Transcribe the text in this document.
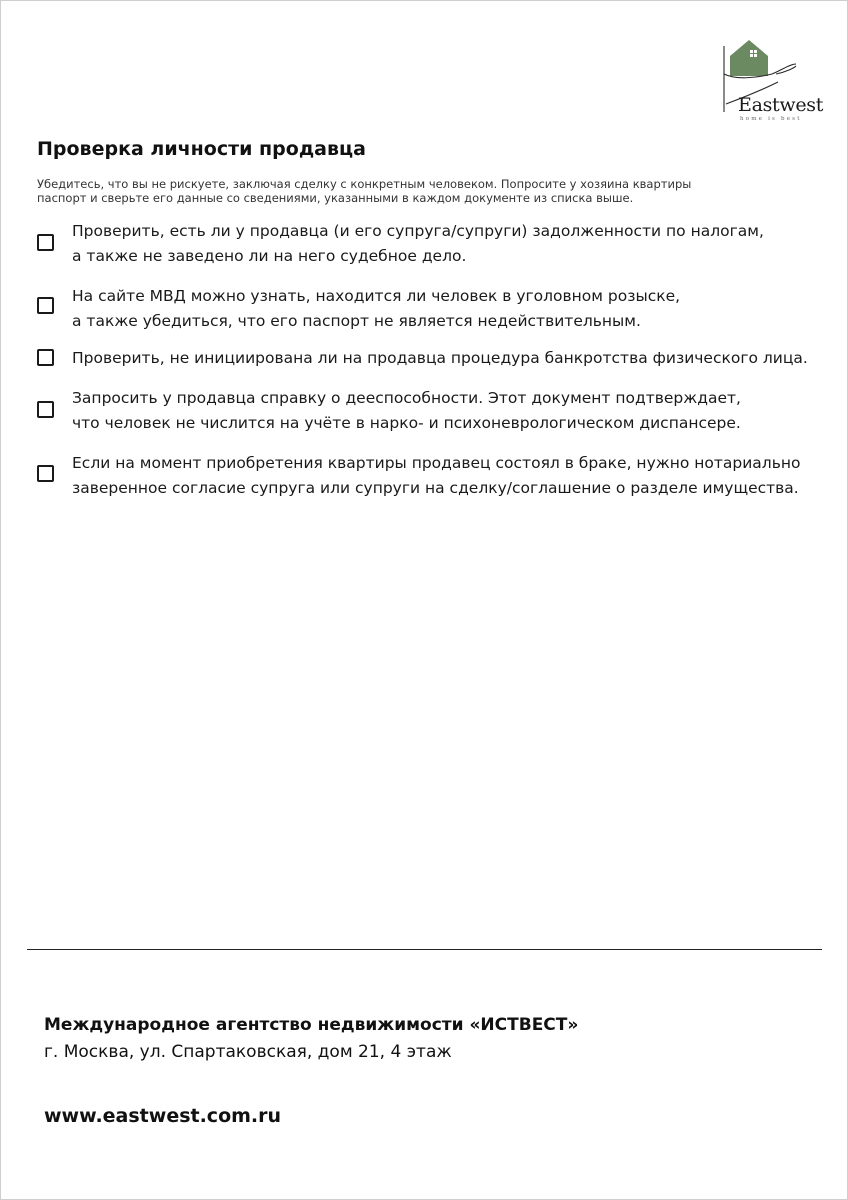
Eastwest
home is best
Проверка личности продавца
Убедитесь, что вы не рискуете, заключая сделку с конкретным человеком. Попросите у хозяина квартиры
паспорт и сверьте его данные со сведениями, указанными в каждом документе из списка выше.
Проверить, есть ли у продавца (и его супруга/супруги) задолженности по налогам,
а также не заведено ли на него судебное дело.
На сайте МВД можно узнать, находится ли человек в уголовном розыске,
а также убедиться, что его паспорт не является недействительным.
Проверить, не инициирована ли на продавца процедура банкротства физического лица.
Запросить у продавца справку о дееспособности. Этот документ подтверждает,
что человек не числится на учёте в нарко- и психоневрологическом диспансере.
Если на момент приобретения квартиры продавец состоял в браке, нужно нотариально
заверенное согласие супруга или супруги на сделку/соглашение о разделе имущества.
Международное агентство недвижимости «ИСТВЕСТ»
г. Москва, ул. Спартаковская, дом 21, 4 этаж
www.eastwest.com.ru
